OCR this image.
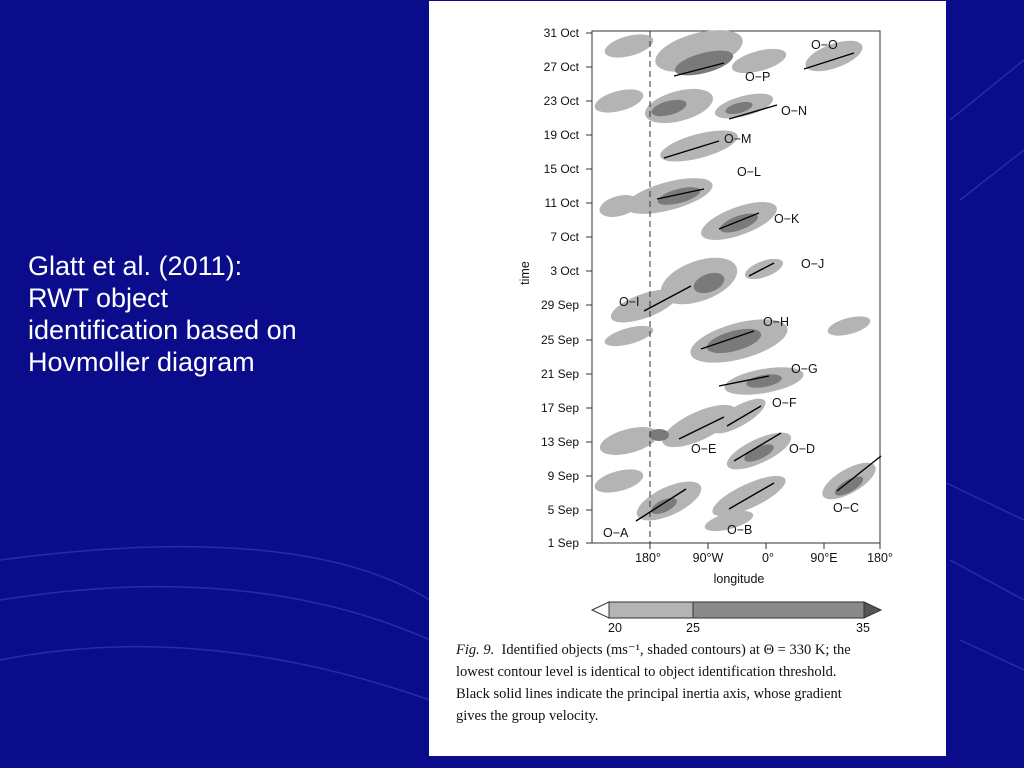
Glatt et al. (2011):
RWT object
identification based on
Hovmoller diagram
O−O
O−P
O−N
O−M
O−L
O−K
O−J
O−I
O−H
O−G
O−F
O−E	O−D
O−C
O−B
O−A
31 Oct
27 Oct
23 Oct
19 Oct
15 Oct
11 Oct
7 Oct
3 Oct
29 Sep
25 Sep
21 Sep
17 Sep
13 Sep
9 Sep
5 Sep
1 Sep
time
180°	90°W	0°	90°E 180°
longitude
20	25	35
Fig. 9. Identified objects (ms⁻¹, shaded contours) at Θ = 330 K; the
lowest contour level is identical to object identification threshold.
Black solid lines indicate the principal inertia axis, whose gradient
gives the group velocity.
